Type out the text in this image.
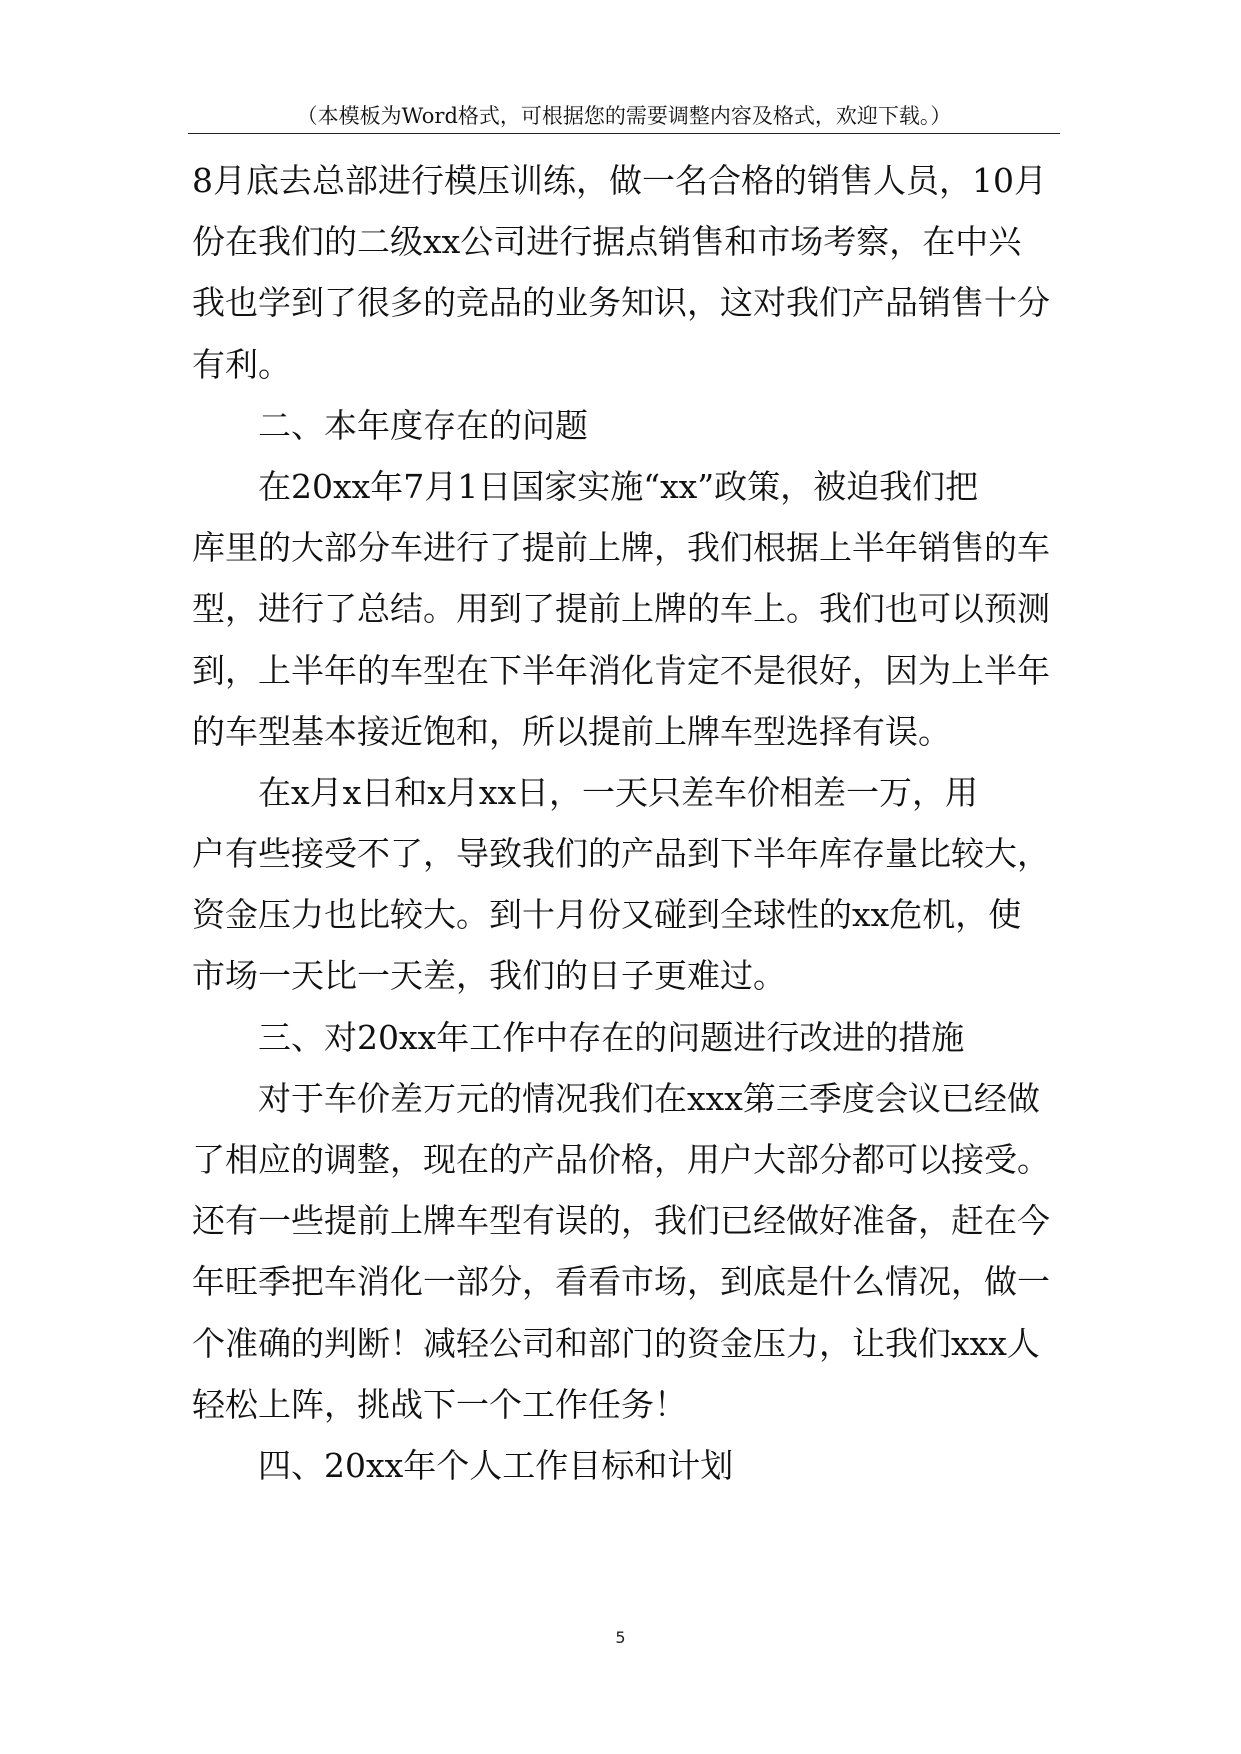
（本模板为Word格式，可根据您的需要调整内容及格式，欢迎下载。）
8月底去总部进行模压训练，做一名合格的销售人员，10月
份在我们的二级xx公司进行据点销售和市场考察，在中兴
我也学到了很多的竞品的业务知识，这对我们产品销售十分
有利。
二、本年度存在的问题
在20xx年7月1日国家实施“xx”政策，被迫我们把
库里的大部分车进行了提前上牌，我们根据上半年销售的车
型，进行了总结。用到了提前上牌的车上。我们也可以预测
到，上半年的车型在下半年消化肯定不是很好，因为上半年
的车型基本接近饱和，所以提前上牌车型选择有误。
在x月x日和x月xx日，一天只差车价相差一万，用
户有些接受不了，导致我们的产品到下半年库存量比较大，
资金压力也比较大。到十月份又碰到全球性的xx危机，使
市场一天比一天差，我们的日子更难过。
三、对20xx年工作中存在的问题进行改进的措施
对于车价差万元的情况我们在xxx第三季度会议已经做
了相应的调整，现在的产品价格，用户大部分都可以接受。
还有一些提前上牌车型有误的，我们已经做好准备，赶在今
年旺季把车消化一部分，看看市场，到底是什么情况，做一
个准确的判断！减轻公司和部门的资金压力，让我们xxx人
轻松上阵，挑战下一个工作任务！
四、20xx年个人工作目标和计划
5
